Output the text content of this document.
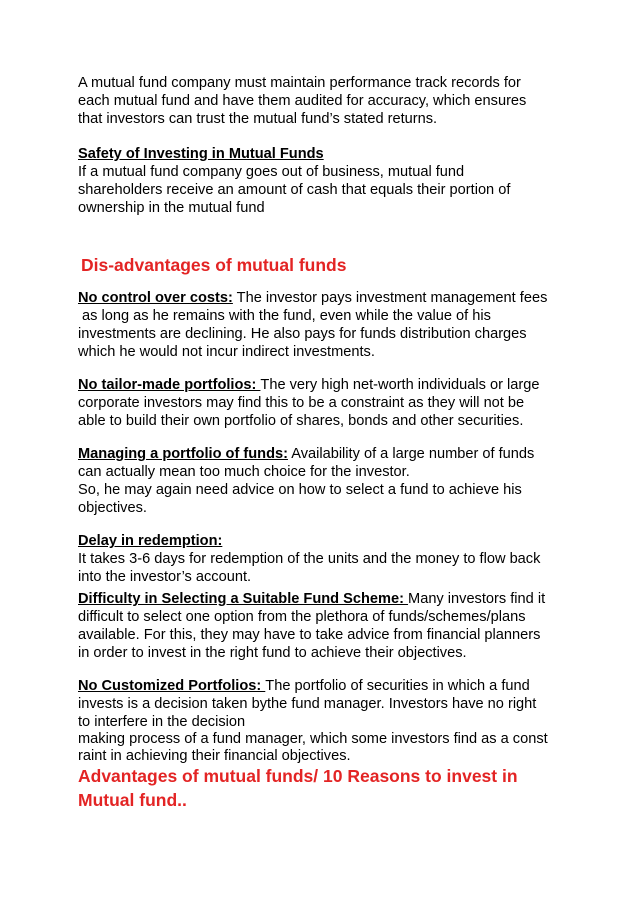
A mutual fund company must maintain performance track records for

each mutual fund and have them audited for accuracy, which ensures

that investors can trust the mutual fund’s stated returns.

Safety of Investing in Mutual Funds

If a mutual fund company goes out of business, mutual fund

shareholders receive an amount of cash that equals their portion of

ownership in the mutual fund

Dis-advantages of mutual funds

No control over costs: The investor pays investment management fees

as long as he remains with the fund, even while the value of his

investments are declining. He also pays for funds distribution charges

which he would not incur indirect investments.

No tailor-made portfolios: The very high net-worth individuals or large

corporate investors may find this to be a constraint as they will not be

able to build their own portfolio of shares, bonds and other securities.

Managing a portfolio of funds: Availability of a large number of funds

can actually mean too much choice for the investor.

So, he may again need advice on how to select a fund to achieve his

objectives.

Delay in redemption:

It takes 3-6 days for redemption of the units and the money to flow back

into the investor’s account.

Difficulty in Selecting a Suitable Fund Scheme: Many investors find it

difficult to select one option from the plethora of funds/schemes/plans

available. For this, they may have to take advice from financial planners

in order to invest in the right fund to achieve their objectives.

No Customized Portfolios: The portfolio of securities in which a fund

invests is a decision taken bythe fund manager. Investors have no right

to interfere in the decision

making process of a fund manager, which some investors find as a const

raint in achieving their financial objectives.

Advantages of mutual funds/ 10 Reasons to invest in
Mutual fund..
